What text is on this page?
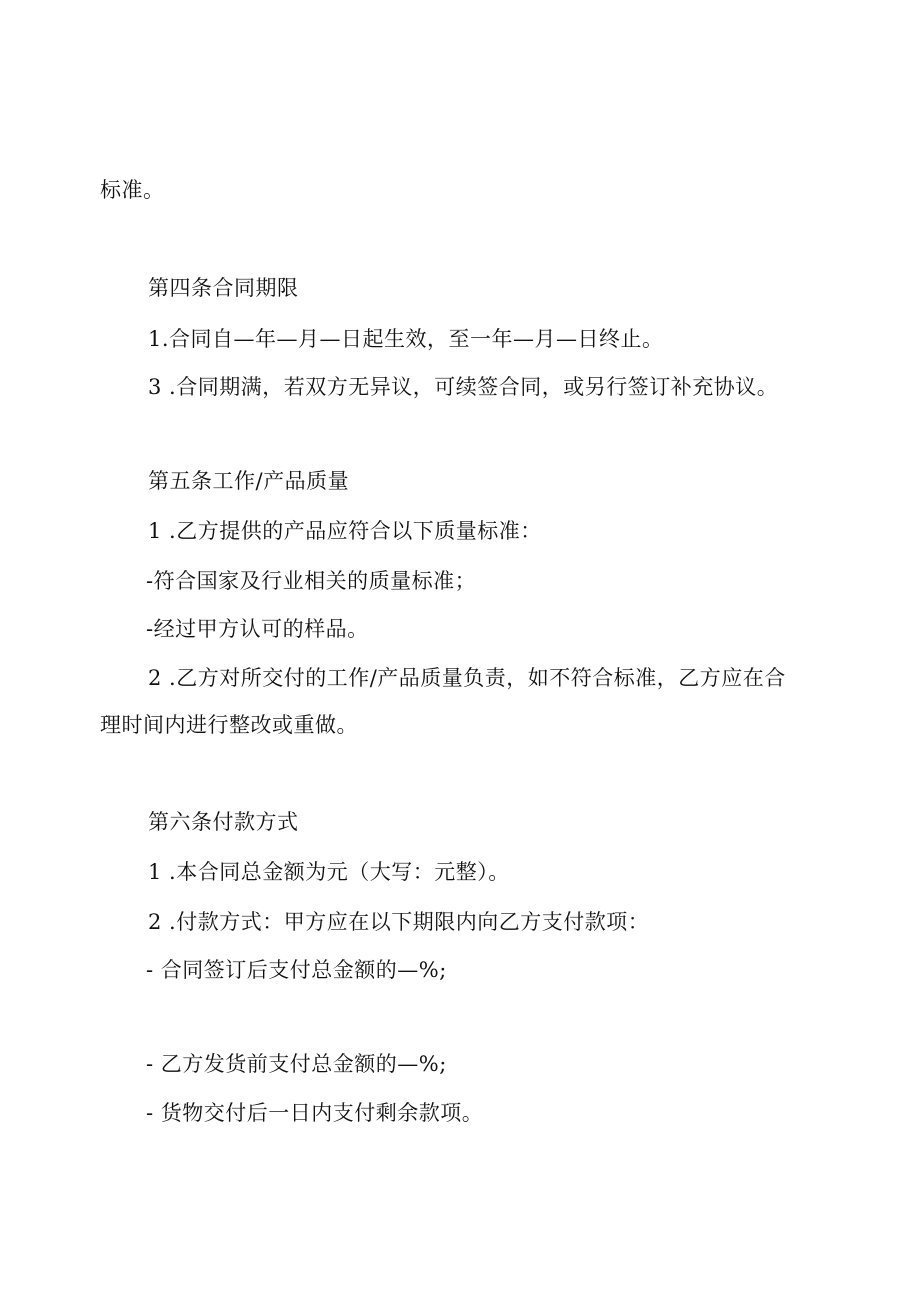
标准。
第四条合同期限
1.合同自—年—月—日起生效，至一年—月—日终止。
3 .合同期满，若双方无异议，可续签合同，或另行签订补充协议。
第五条工作/产品质量
1 .乙方提供的产品应符合以下质量标准：
-符合国家及行业相关的质量标准；
-经过甲方认可的样品。
2 .乙方对所交付的工作/产品质量负责，如不符合标准，乙方应在合
理时间内进行整改或重做。
第六条付款方式
1 .本合同总金额为元（大写：元整）。
2 .付款方式：甲方应在以下期限内向乙方支付款项：
- 合同签订后支付总金额的—%;
- 乙方发货前支付总金额的—%;
- 货物交付后一日内支付剩余款项。
